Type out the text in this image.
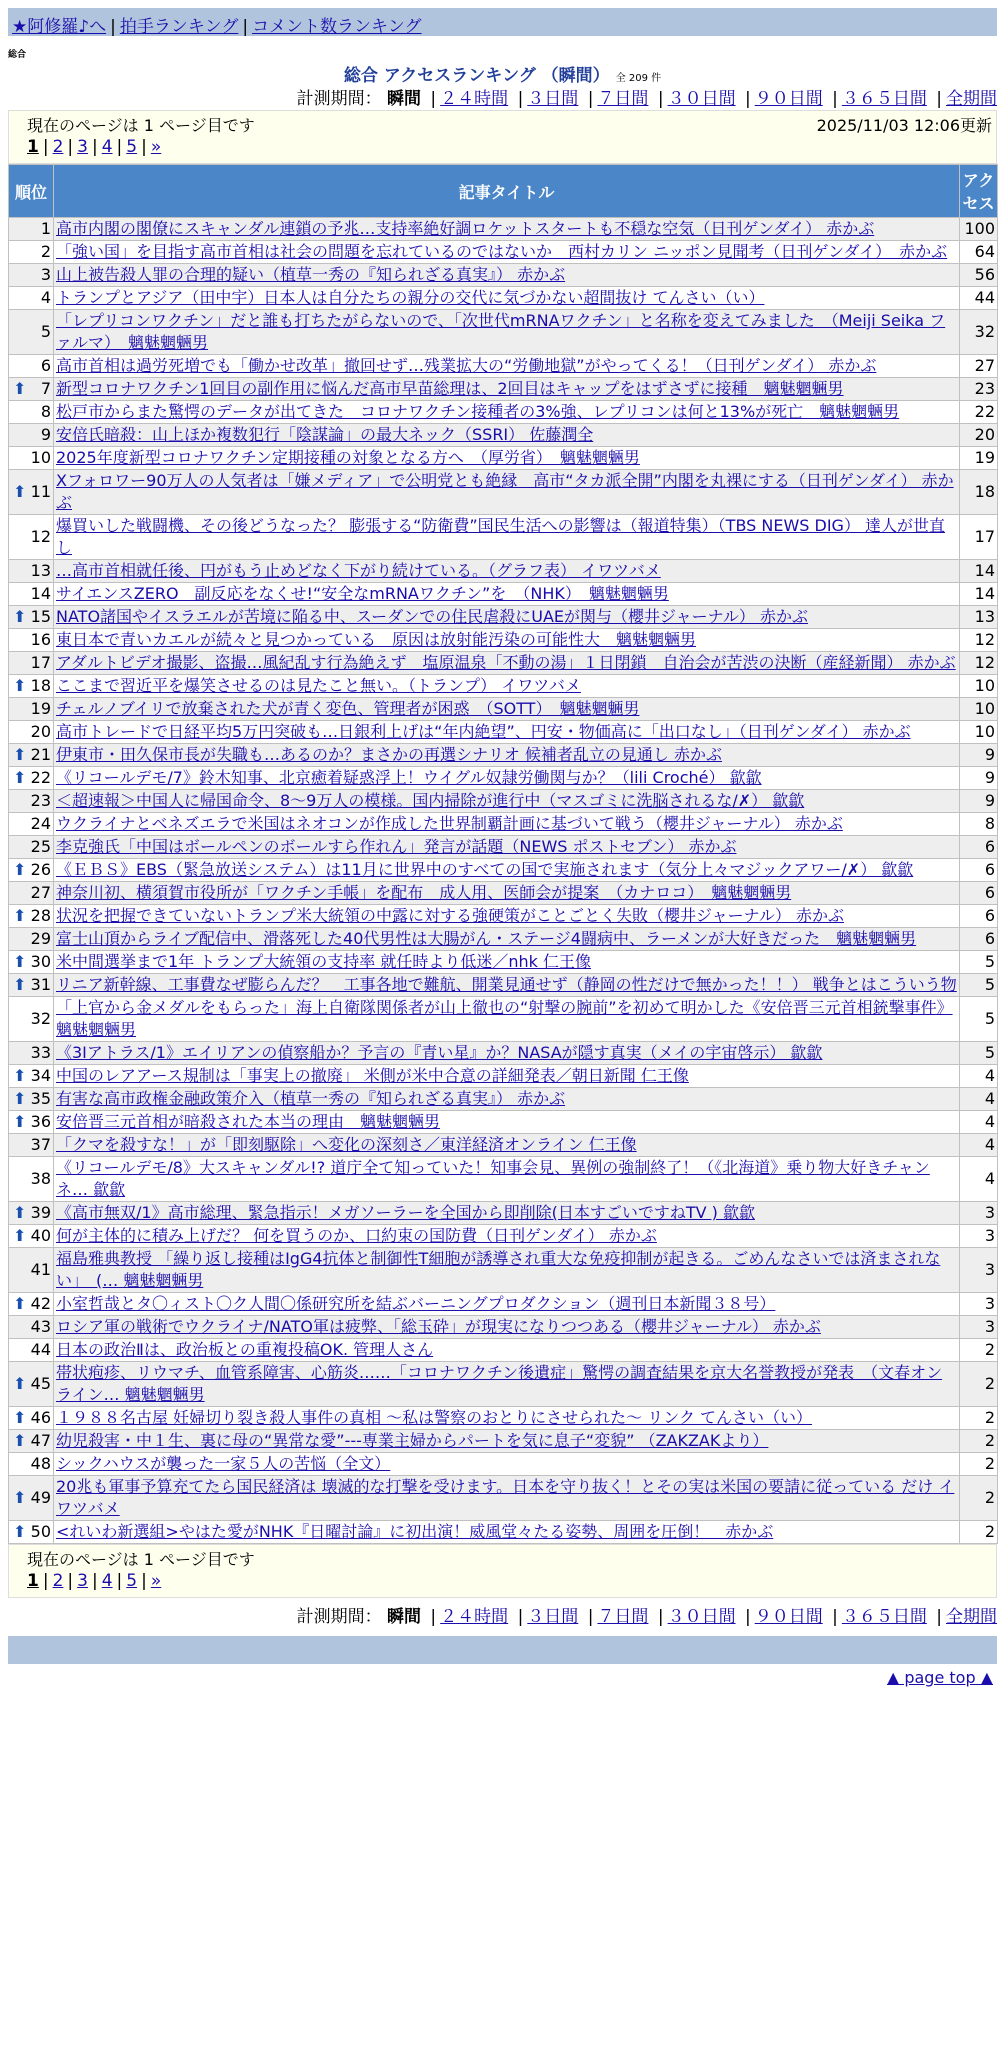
★阿修羅♪へ | 拍手ランキング | コメント数ランキング
総合
総合 アクセスランキング （瞬間） 全 209 件
計測期間： 瞬間 | ２４時間 | ３日間 | ７日間 | ３０日間 | ９０日間 | ３６５日間 | 全期間
現在のページは 1 ページ目です	2025/11/03 12:06更新
1 | 2 | 3 | 4 | 5 | »
順位	記事タイトル	アクセス
1	高市内閣の閣僚にスキャンダル連鎖の予兆…支持率絶好調ロケットスタートも不穏な空気（日刊ゲンダイ） 赤かぶ	100
2	「強い国」を目指す高市首相は社会の問題を忘れているのではないか　西村カリン ニッポン見聞考（日刊ゲンダイ）　赤かぶ	64
3	山上被告殺人罪の合理的疑い（植草一秀の『知られざる真実』） 赤かぶ	56
4	トランプとアジア（田中宇）日本人は自分たちの親分の交代に気づかない超間抜け てんさい（い）	44
5	「レプリコンワクチン」だと誰も打ちたがらないので、「次世代mRNAワクチン」と名称を変えてみました　（Meiji Seika ファルマ）　魑魅魍魎男	32
6	高市首相は過労死増でも「働かせ改革」撤回せず…残業拡大の“労働地獄”がやってくる！（日刊ゲンダイ） 赤かぶ	27

⬆ 7	新型コロナワクチン1回目の副作用に悩んだ高市早苗総理は、2回目はキャップをはずさずに接種　魑魅魍魎男	23
8	松戸市からまた驚愕のデータが出てきた　コロナワクチン接種者の3%強、レプリコンは何と13%が死亡　魑魅魍魎男	22
9	安倍氏暗殺：山上ほか複数犯行「陰謀論」の最大ネック（SSRI） 佐藤潤全	20
10	2025年度新型コロナワクチン定期接種の対象となる方へ　（厚労省）　魑魅魍魎男	19

⬆ 11	Xフォロワー90万人の人気者は「嫌メディア」で公明党とも絶縁　高市“タカ派全開”内閣を丸裸にする（日刊ゲンダイ） 赤かぶ	18
12	爆買いした戦闘機、その後どうなった？ 膨張する“防衛費”国民生活への影響は（報道特集）（TBS NEWS DIG） 達人が世直し	17
13	…高市首相就任後、円がもう止めどなく下がり続けている。（グラフ表） イワツバメ	14
14	サイエンスZERO　副反応をなくせ!“安全なmRNAワクチン”を　（NHK）　魑魅魍魎男	14

⬆ 15	NATO諸国やイスラエルが苦境に陥る中、スーダンでの住民虐殺にUAEが関与（櫻井ジャーナル） 赤かぶ	13
16	東日本で青いカエルが続々と見つかっている　原因は放射能汚染の可能性大　魑魅魍魎男	12
17	アダルトビデオ撮影、盗撮…風紀乱す行為絶えず　塩原温泉「不動の湯」１日閉鎖　自治会が苦渋の決断（産経新聞） 赤かぶ	12

⬆ 18	ここまで習近平を爆笑させるのは見たこと無い。（トランプ） イワツバメ	10
19	チェルノブイリで放棄された犬が青く変色、管理者が困惑　（SOTT）　魑魅魍魎男	10
20	高市トレードで日経平均5万円突破も…日銀利上げは“年内絶望”、円安・物価高に「出口なし」（日刊ゲンダイ） 赤かぶ	10

⬆ 21	伊東市・田久保市長が失職も…あるのか？まさかの再選シナリオ 候補者乱立の見通し 赤かぶ	9

⬆ 22	《リコールデモ/7》鈴木知事、北京癒着疑惑浮上！ウイグル奴隷労働関与か？（lili Croché） 歙歙	9
23	＜超速報＞中国人に帰国命令、8～9万人の模様。国内掃除が進行中（マスゴミに洗脳されるな/✗） 歙歙	9
24	ウクライナとベネズエラで米国はネオコンが作成した世界制覇計画に基づいて戦う（櫻井ジャーナル） 赤かぶ	8
25	李克強氏「中国はボールペンのボールすら作れん」発言が話題（NEWS ポストセブン） 赤かぶ	6

⬆ 26	《ＥＢＳ》EBS（緊急放送システム）は11月に世界中のすべての国で実施されます（気分上々マジックアワー/✗） 歙歙	6
27	神奈川初、横須賀市役所が「ワクチン手帳」を配布　成人用、医師会が提案　（カナロコ）　魑魅魍魎男	6

⬆ 28	状況を把握できていないトランプ米大統領の中露に対する強硬策がことごとく失敗（櫻井ジャーナル） 赤かぶ	6
29	富士山頂からライブ配信中、滑落死した40代男性は大腸がん・ステージ4闘病中、ラーメンが大好きだった　魑魅魍魎男	6

⬆ 30	米中間選挙まで1年 トランプ大統領の支持率 就任時より低迷／nhk 仁王像	5

⬆ 31	リニア新幹線、工事費なぜ膨らんだ？　工事各地で難航、開業見通せず（静岡の性だけで無かった！！） 戦争とはこういう物	5
32	「上官から金メダルをもらった」海上自衛隊関係者が山上徹也の“射撃の腕前”を初めて明かした《安倍晋三元首相銃撃事件》 魑魅魍魎男	5
33	《3Iアトラス/1》エイリアンの偵察船か？予言の『青い星』か？NASAが隠す真実（メイの宇宙啓示） 歙歙	5

⬆ 34	中国のレアアース規制は「事実上の撤廃」 米側が米中合意の詳細発表／朝日新聞 仁王像	4

⬆ 35	有害な高市政権金融政策介入（植草一秀の『知られざる真実』） 赤かぶ	4

⬆ 36	安倍晋三元首相が暗殺された本当の理由　魑魅魍魎男	4
37	「クマを殺すな！」が「即刻駆除」へ変化の深刻さ／東洋経済オンライン 仁王像	4
38	《リコールデモ/8》大スキャンダル!? 道庁全て知っていた！知事会見、異例の強制終了！（《北海道》乗り物大好きチャンネ… 歙歙	4

⬆ 39	《高市無双/1》高市総理、緊急指示！メガソーラーを全国から即削除(日本すごいですねTV ) 歙歙	3

⬆ 40	何が主体的に積み上げだ？ 何を買うのか、口約束の国防費（日刊ゲンダイ） 赤かぶ	3
41	福島雅典教授 「繰り返し接種はIgG4抗体と制御性T細胞が誘導され重大な免疫抑制が起きる。ごめんなさいでは済まされない」　(… 魑魅魍魎男	3

⬆ 42	小室哲哉とタ〇ィスト〇ク人間〇係研究所を結ぶバーニングプロダクション（週刊日本新聞３８号）	3
43	ロシア軍の戦術でウクライナ/NATO軍は疲弊、「総玉砕」が現実になりつつある（櫻井ジャーナル） 赤かぶ	3
44	日本の政治Ⅱは、政治板との重複投稿OK. 管理人さん	2

⬆ 45	帯状疱疹、リウマチ、血管系障害、心筋炎……「コロナワクチン後遺症」驚愕の調査結果を京大名誉教授が発表　（文春オンライン… 魑魅魍魎男	2

⬆ 46	１９８８名古屋 妊婦切り裂き殺人事件の真相 ～私は警察のおとりにさせられた～ リンク てんさい（い）	2

⬆ 47	幼児殺害・中１生、裏に母の“異常な愛”---専業主婦からパートを気に息子“変貌” （ZAKZAKより）	2
48	シックハウスが襲った一家５人の苦悩（全文）	2

⬆ 49	20兆も軍事予算充てたら国民経済は 壊滅的な打撃を受けます。日本を守り抜く！とその実は米国の要請に従っている だけ イワツバメ	2

⬆ 50	<れいわ新選組>やはた愛がNHK『日曜討論』に初出演！威風堂々たる姿勢、周囲を圧倒！　赤かぶ	2
現在のページは 1 ページ目です
1 | 2 | 3 | 4 | 5 | »
計測期間： 瞬間 | ２４時間 | ３日間 | ７日間 | ３０日間 | ９０日間 | ３６５日間 | 全期間
▲ page top ▲
